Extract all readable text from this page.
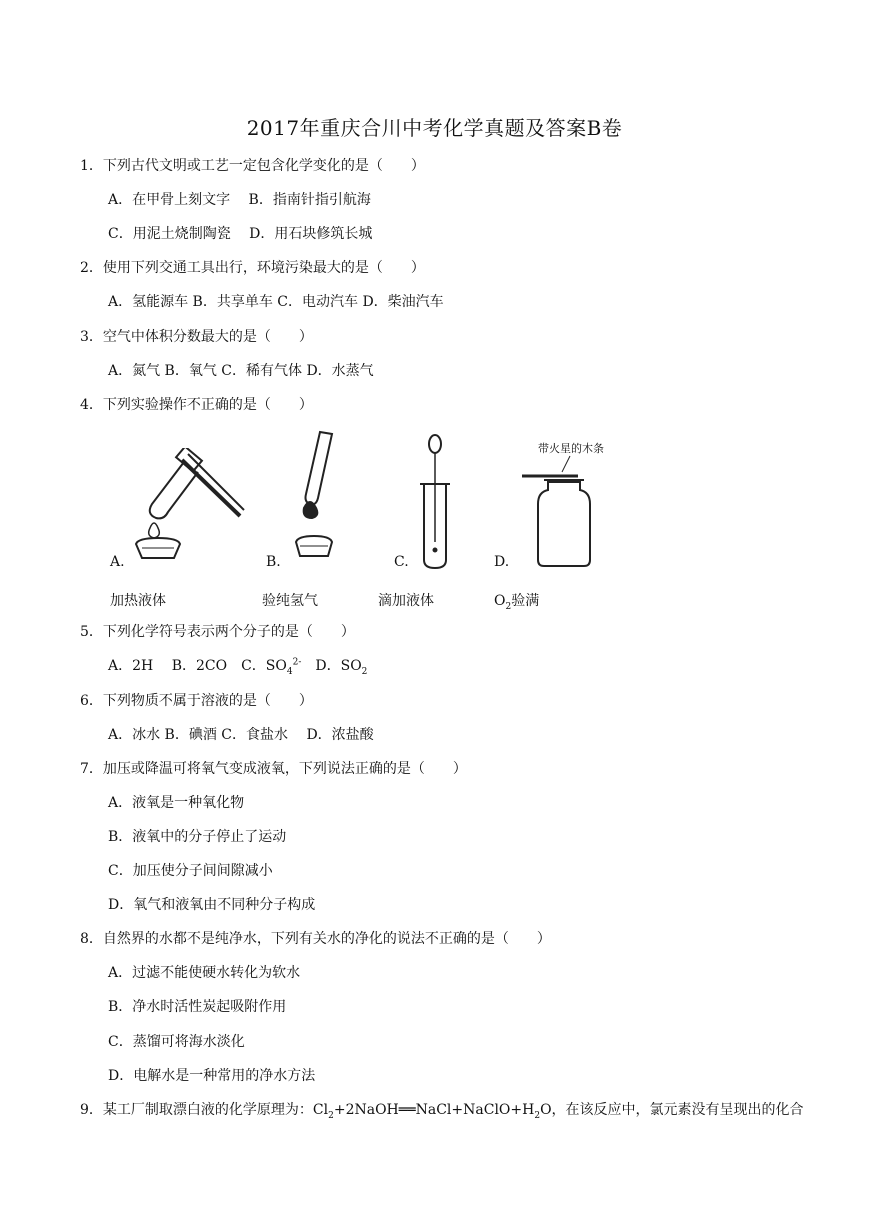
2017年重庆合川中考化学真题及答案B卷
1．下列古代文明或工艺一定包含化学变化的是（　　）
A．在甲骨上刻文字　 B．指南针指引航海
C．用泥土烧制陶瓷　 D．用石块修筑长城
2．使用下列交通工具出行，环境污染最大的是（　　）
A．氢能源车 B．共享单车 C．电动汽车 D．柴油汽车
3．空气中体积分数最大的是（　　）
A．氮气 B．氧气 C．稀有气体 D．水蒸气
4．下列实验操作不正确的是（　　）
带火星的木条
A.	B.	C.	D.
加热液体	验纯氢气	滴加液体	$O_2$验满
5．下列化学符号表示两个分子的是（　　）
A．2H　 B．2CO　 C．$SO_4^{2-}$　 D．$SO_2$
6．下列物质不属于溶液的是（　　）
A．冰水 B．碘酒 C．食盐水　 D．浓盐酸
7．加压或降温可将氧气变成液氧，下列说法正确的是（　　）
A．液氧是一种氧化物
B．液氧中的分子停止了运动
C．加压使分子间间隙减小
D．氧气和液氧由不同种分子构成
8．自然界的水都不是纯净水，下列有关水的净化的说法不正确的是（　　）
A．过滤不能使硬水转化为软水
B．净水时活性炭起吸附作用
C．蒸馏可将海水淡化
D．电解水是一种常用的净水方法
9．某工厂制取漂白液的化学原理为：$Cl_2+2NaOH══NaCl+NaClO+H_2O$，在该反应中，氯元素没有呈现出的化合
